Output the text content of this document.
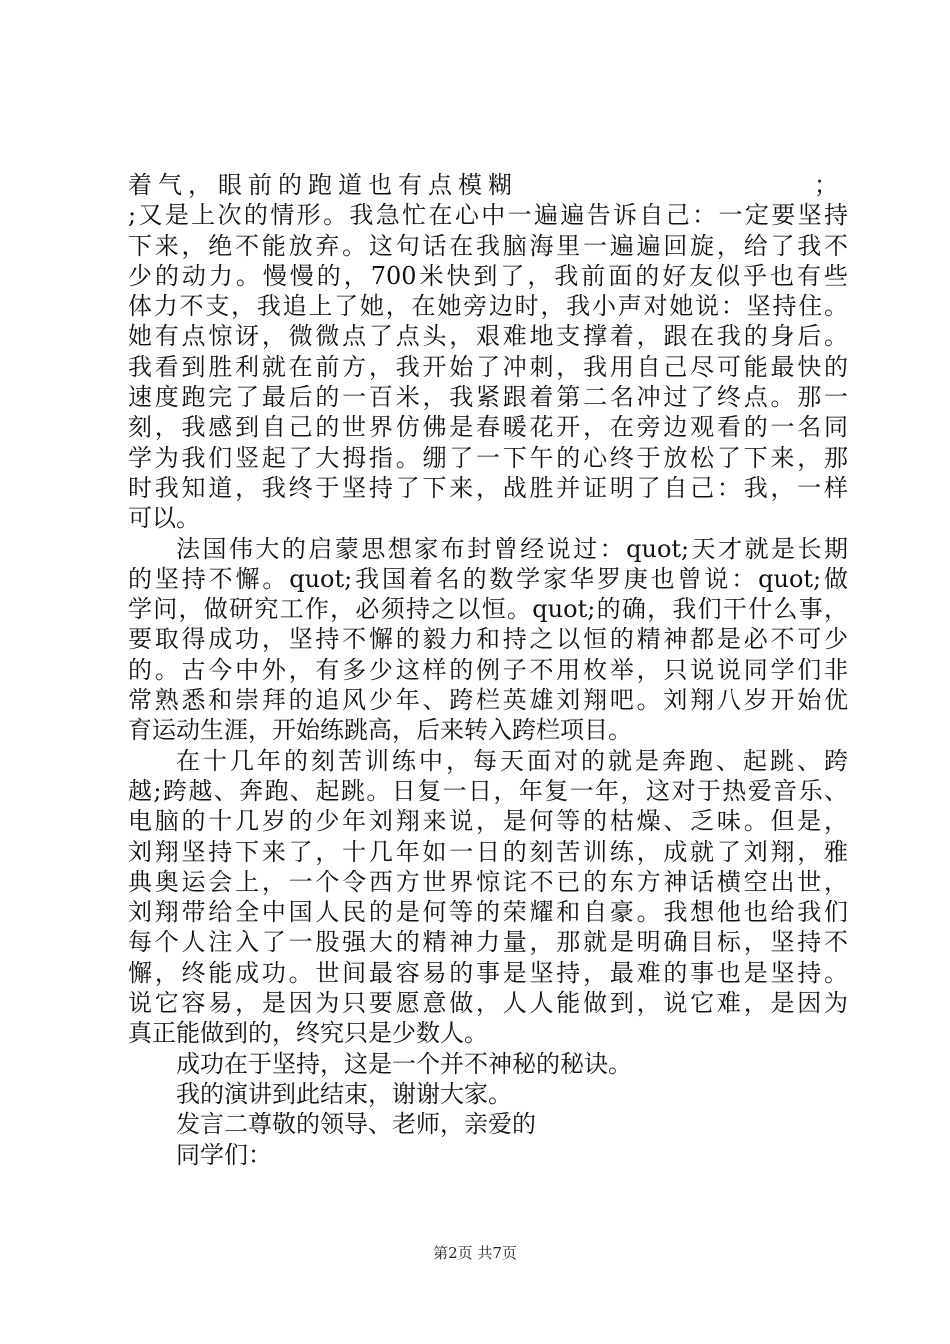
着气，眼前的跑道也有点模糊	；
;又是上次的情形。我急忙在心中一遍遍告诉自己：一定要坚持
下来，绝不能放弃。这句话在我脑海里一遍遍回旋，给了我不
少的动力。慢慢的，700米快到了，我前面的好友似乎也有些
体力不支，我追上了她，在她旁边时，我小声对她说：坚持住。
她有点惊讶，微微点了点头，艰难地支撑着，跟在我的身后。
我看到胜利就在前方，我开始了冲刺，我用自己尽可能最快的
速度跑完了最后的一百米，我紧跟着第二名冲过了终点。那一
刻，我感到自己的世界仿佛是春暖花开，在旁边观看的一名同
学为我们竖起了大拇指。绷了一下午的心终于放松了下来，那
时我知道，我终于坚持了下来，战胜并证明了自己：我，一样
可以。
法国伟大的启蒙思想家布封曾经说过：quot;天才就是长期
的坚持不懈。quot;我国着名的数学家华罗庚也曾说：quot;做
学问，做研究工作，必须持之以恒。quot;的确，我们干什么事，
要取得成功，坚持不懈的毅力和持之以恒的精神都是必不可少
的。古今中外，有多少这样的例子不用枚举，只说说同学们非
常熟悉和崇拜的追风少年、跨栏英雄刘翔吧。刘翔八岁开始优
育运动生涯，开始练跳高，后来转入跨栏项目。
在十几年的刻苦训练中，每天面对的就是奔跑、起跳、跨
越;跨越、奔跑、起跳。日复一日，年复一年，这对于热爱音乐、
电脑的十几岁的少年刘翔来说，是何等的枯燥、乏味。但是，
刘翔坚持下来了，十几年如一日的刻苦训练，成就了刘翔，雅
典奥运会上，一个令西方世界惊诧不已的东方神话横空出世，
刘翔带给全中国人民的是何等的荣耀和自豪。我想他也给我们
每个人注入了一股强大的精神力量，那就是明确目标，坚持不
懈，终能成功。世间最容易的事是坚持，最难的事也是坚持。
说它容易，是因为只要愿意做，人人能做到，说它难，是因为
真正能做到的，终究只是少数人。
成功在于坚持，这是一个并不神秘的秘诀。
我的演讲到此结束，谢谢大家。
发言二尊敬的领导、老师，亲爱的
同学们：
第2页 共7页
